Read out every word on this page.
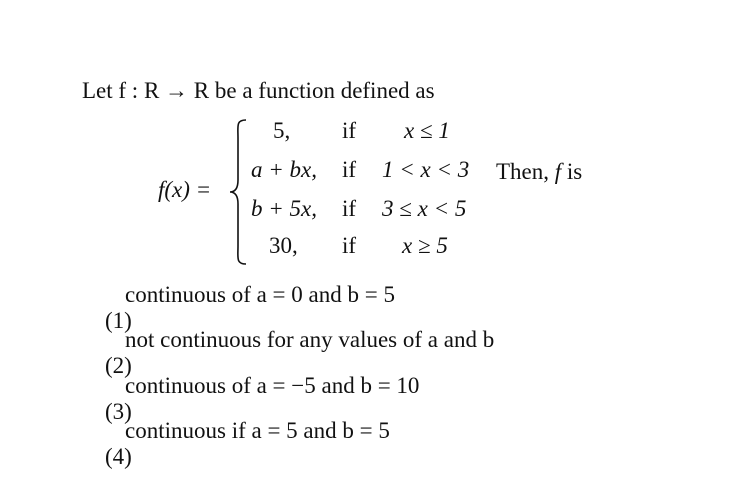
Let f : R → R be a function defined as
f(x) =
5, if x ≤ 1
a + bx, if 1 < x < 3
b + 5x, if 3 ≤ x < 5
30, if x ≥ 5
Then, f is

(1)

continuous of a = 0 and b = 5

(2)

not continuous for any values of a and b

(3)

continuous of a = −5 and b = 10

(4)

continuous if a = 5 and b = 5
